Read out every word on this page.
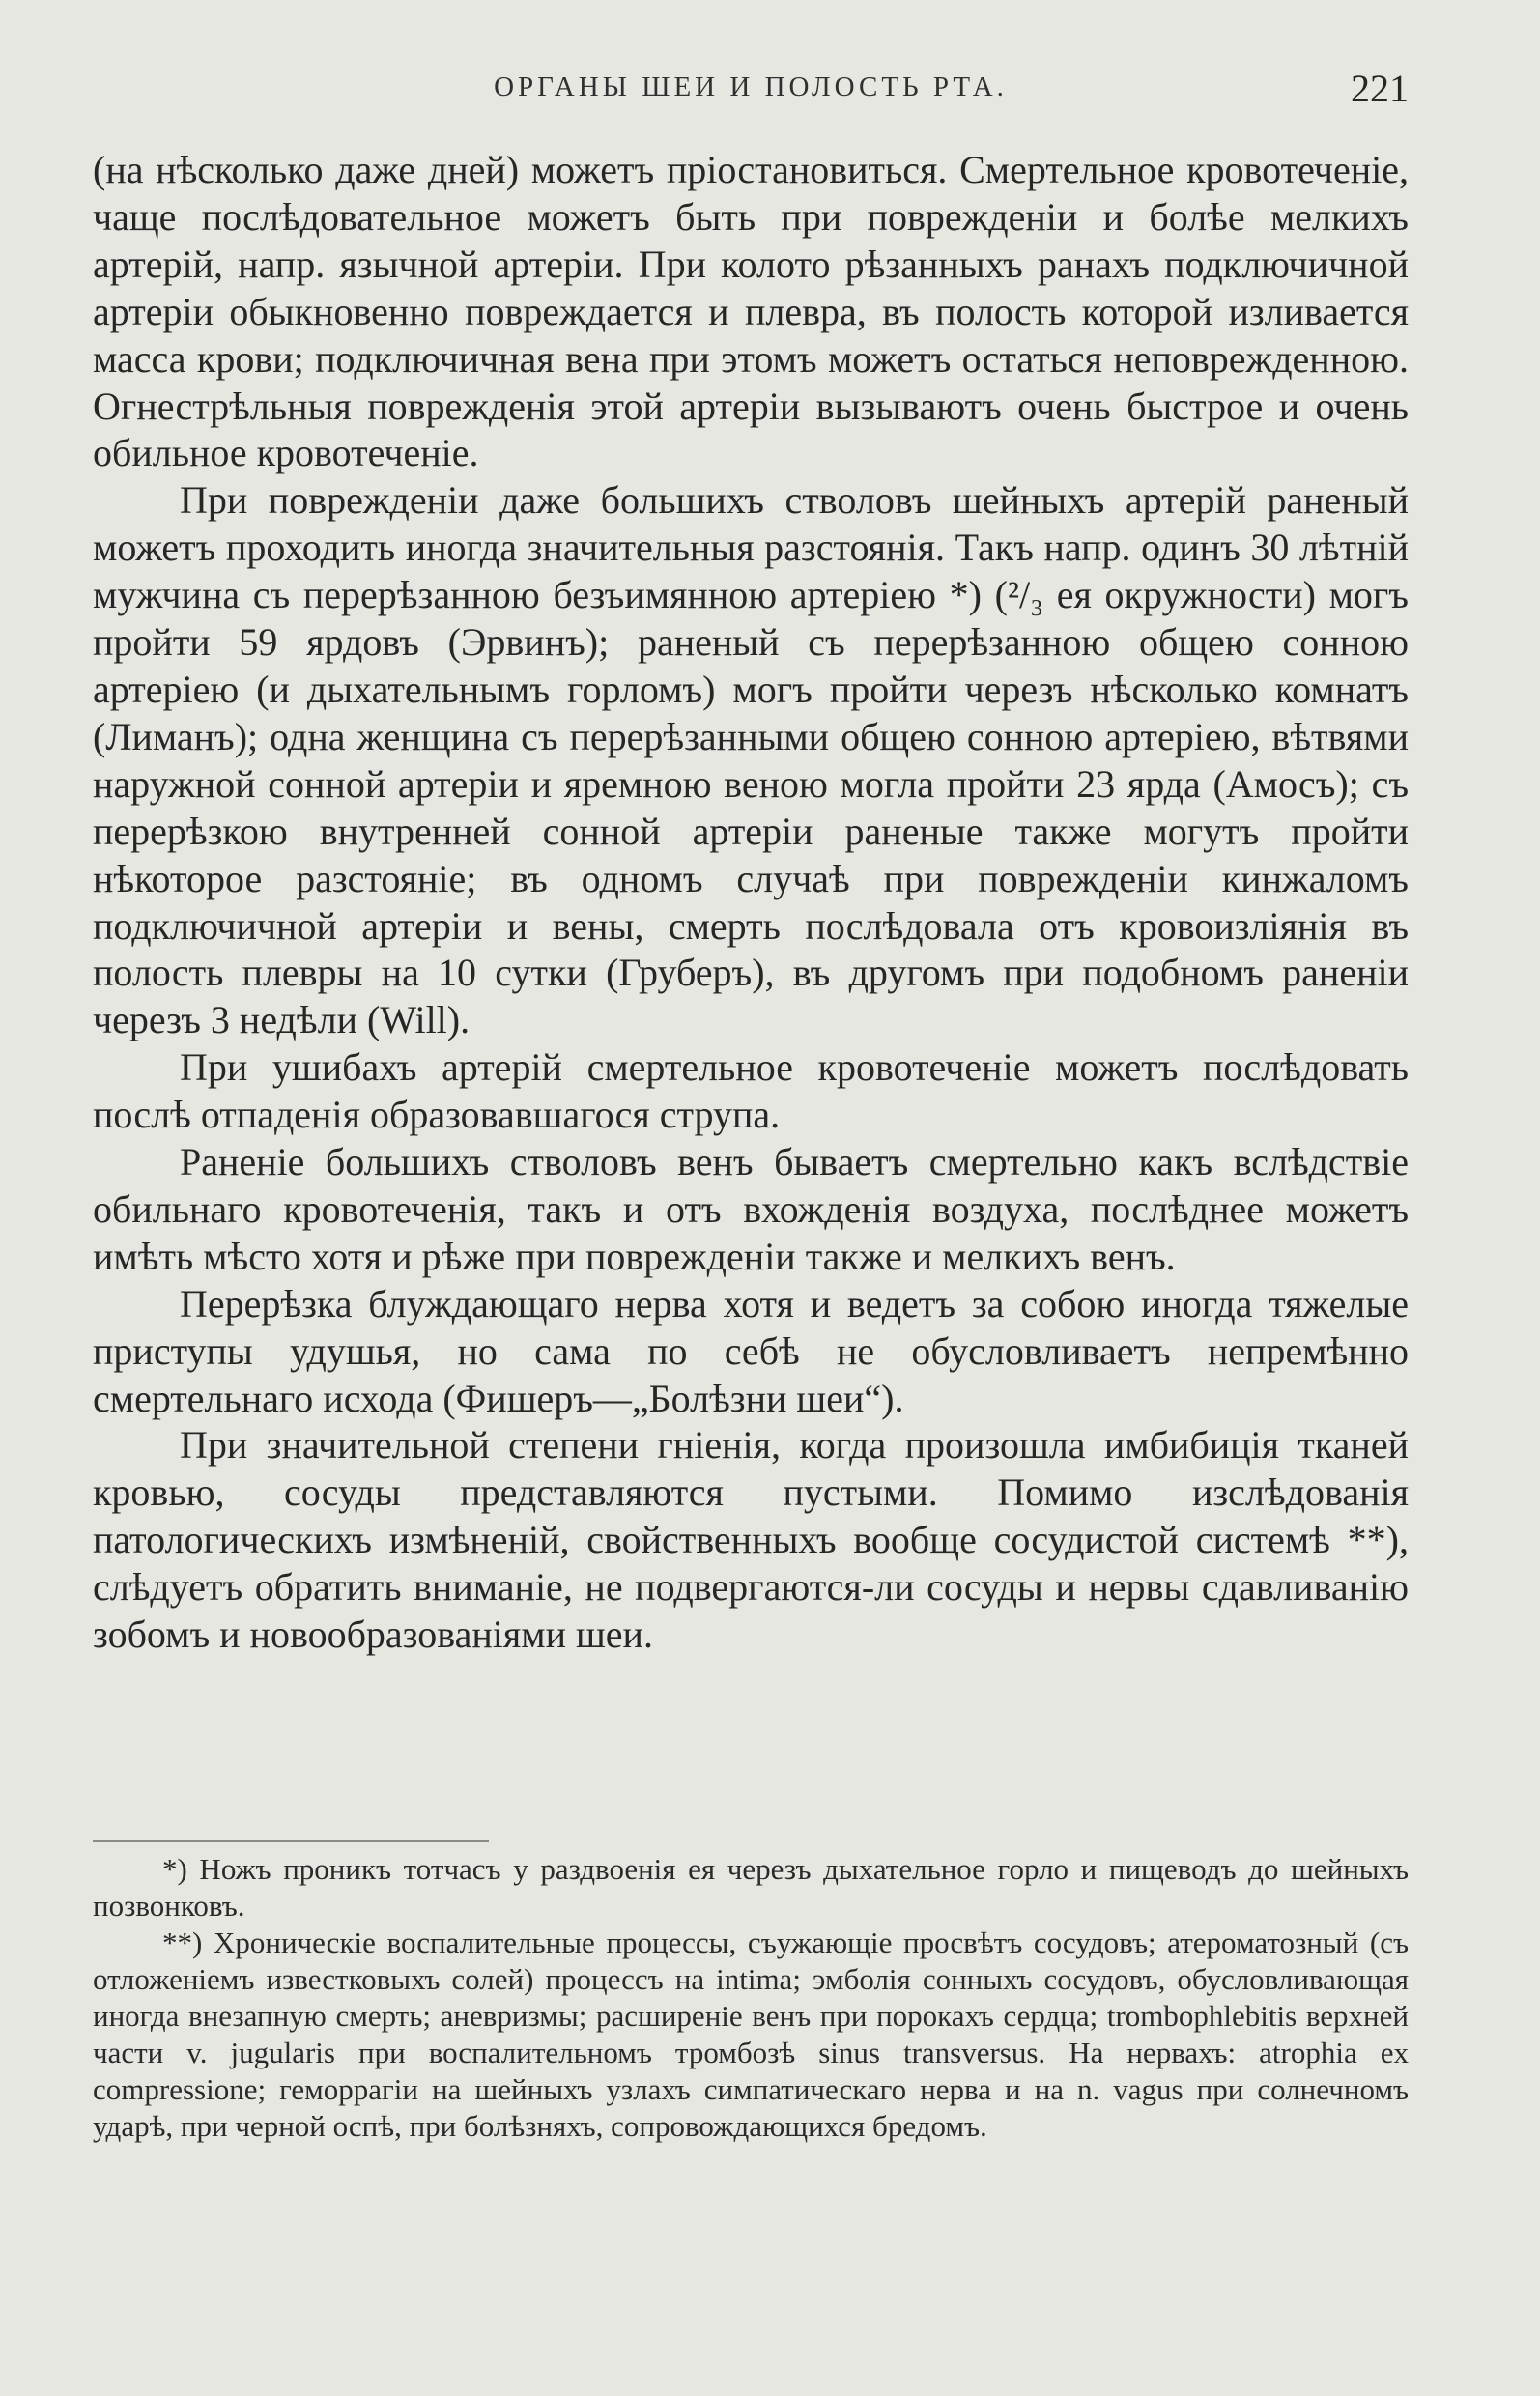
ОРГАНЫ ШЕИ И ПОЛОСТЬ РТА.	221

(на нѣсколько даже дней) можетъ пріостановиться. Смертельное кровотеченіе, чаще послѣдовательное можетъ быть при поврежденіи и болѣе мелкихъ артерій, напр. язычной артеріи. При колото рѣзанныхъ ранахъ подключичной артеріи обыкновенно повреждается и плевра, въ полость которой изливается масса крови; подключичная вена при этомъ можетъ остаться неповрежденною. Огнестрѣльныя поврежденія этой артеріи вызываютъ очень быстрое и очень обильное кровотеченіе.

При поврежденіи даже большихъ стволовъ шейныхъ артерій раненый можетъ проходить иногда значительныя разстоянія. Такъ напр. одинъ 30 лѣтній мужчина съ перерѣзанною безъимянною артеріею *) (²/₃ ея окружности) могъ пройти 59 ярдовъ (Эрвинъ); раненый съ перерѣзанною общею сонною артеріею (и дыхательнымъ горломъ) могъ пройти черезъ нѣсколько комнатъ (Лиманъ); одна женщина съ перерѣзанными общею сонною артеріею, вѣтвями наружной сонной артеріи и яремною веною могла пройти 23 ярда (Амосъ); съ перерѣзкою внутренней сонной артеріи раненые также могутъ пройти нѣкоторое разстояніе; въ одномъ случаѣ при поврежденіи кинжаломъ подключичной артеріи и вены, смерть послѣдовала отъ кровоизліянія въ полость плевры на 10 сутки (Груберъ), въ другомъ при подобномъ раненіи черезъ 3 недѣли (Will).

При ушибахъ артерій смертельное кровотеченіе можетъ послѣдовать послѣ отпаденія образовавшагося струпа.

Раненіе большихъ стволовъ венъ бываетъ смертельно какъ вслѣдствіе обильнаго кровотеченія, такъ и отъ вхожденія воздуха, послѣднее можетъ имѣть мѣсто хотя и рѣже при поврежденіи также и мелкихъ венъ.

Перерѣзка блуждающаго нерва хотя и ведетъ за собою иногда тяжелые приступы удушья, но сама по себѣ не обусловливаетъ непремѣнно смертельнаго исхода (Фишеръ—„Болѣзни шеи“).

При значительной степени гніенія, когда произошла имбибиція тканей кровью, сосуды представляются пустыми. Помимо изслѣдованія патологическихъ измѣненій, свойственныхъ вообще сосудистой системѣ **), слѣдуетъ обратить вниманіе, не подвергаются-ли сосуды и нервы сдавливанію зобомъ и новообразованіями шеи.

*) Ножъ проникъ тотчасъ у раздвоенія ея черезъ дыхательное горло и пищеводъ до шейныхъ позвонковъ.

**) Хроническіе воспалительные процессы, съужающіе просвѣтъ сосудовъ; атероматозный (съ отложеніемъ известковыхъ солей) процессъ на intima; эмболія сонныхъ сосудовъ, обусловливающая иногда внезапную смерть; аневризмы; расширеніе венъ при порокахъ сердца; trombophlebitis верхней части v. jugularis при воспалительномъ тромбозѣ sinus transversus. На нервахъ: atrophia ex compressione; геморрагіи на шейныхъ узлахъ симпатическаго нерва и на n. vagus при солнечномъ ударѣ, при черной оспѣ, при болѣзняхъ, сопровождающихся бредомъ.
